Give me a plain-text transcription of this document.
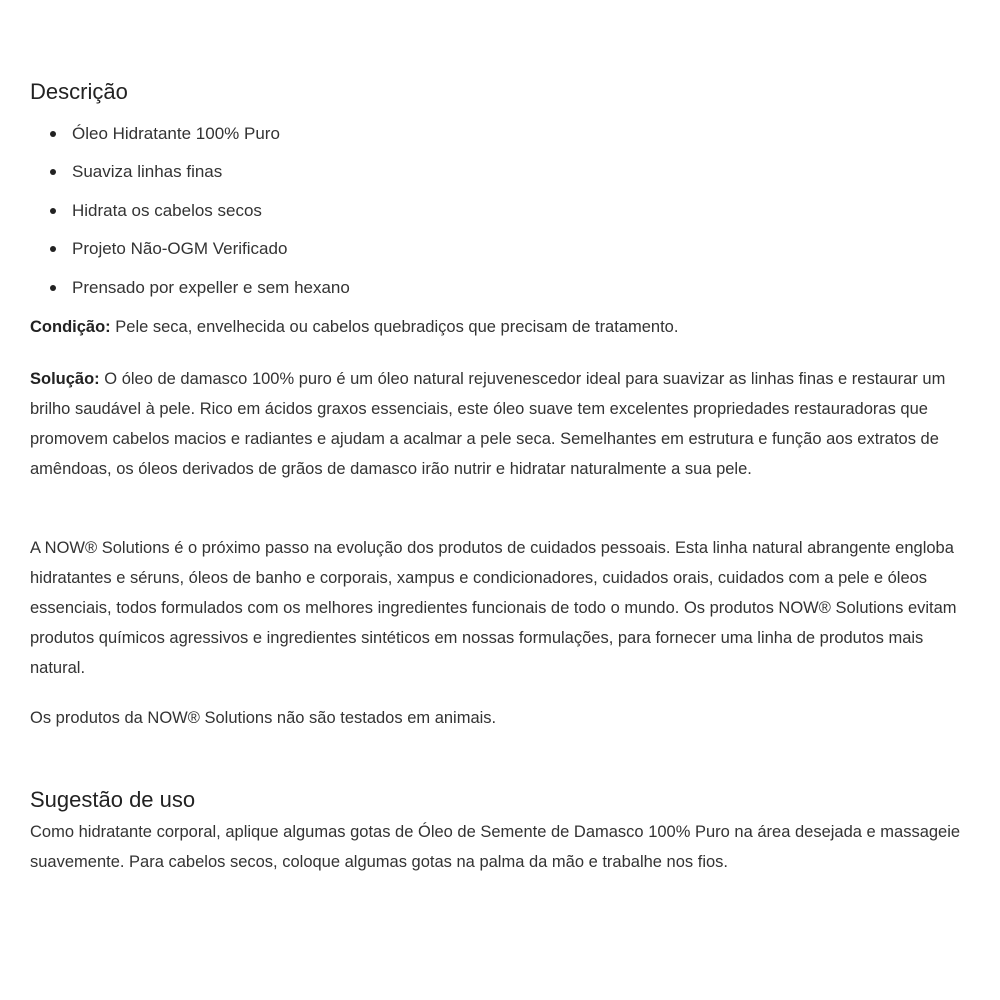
Descrição
Óleo Hidratante 100% Puro
Suaviza linhas finas
Hidrata os cabelos secos
Projeto Não-OGM Verificado
Prensado por expeller e sem hexano

Condição: Pele seca, envelhecida ou cabelos quebradiços que precisam de tratamento.

Solução: O óleo de damasco 100% puro é um óleo natural rejuvenescedor ideal para suavizar as linhas finas e restaurar um brilho saudável à pele. Rico em ácidos graxos essenciais, este óleo suave tem excelentes propriedades restauradoras que promovem cabelos macios e radiantes e ajudam a acalmar a pele seca. Semelhantes em estrutura e função aos extratos de amêndoas, os óleos derivados de grãos de damasco irão nutrir e hidratar naturalmente a sua pele.

A NOW® Solutions é o próximo passo na evolução dos produtos de cuidados pessoais. Esta linha natural abrangente engloba hidratantes e séruns, óleos de banho e corporais, xampus e condicionadores, cuidados orais, cuidados com a pele e óleos essenciais, todos formulados com os melhores ingredientes funcionais de todo o mundo. Os produtos NOW® Solutions evitam produtos químicos agressivos e ingredientes sintéticos em nossas formulações, para fornecer uma linha de produtos mais natural.

Os produtos da NOW® Solutions não são testados em animais.

Sugestão de uso

Como hidratante corporal, aplique algumas gotas de Óleo de Semente de Damasco 100% Puro na área desejada e massageie suavemente. Para cabelos secos, coloque algumas gotas na palma da mão e trabalhe nos fios.
